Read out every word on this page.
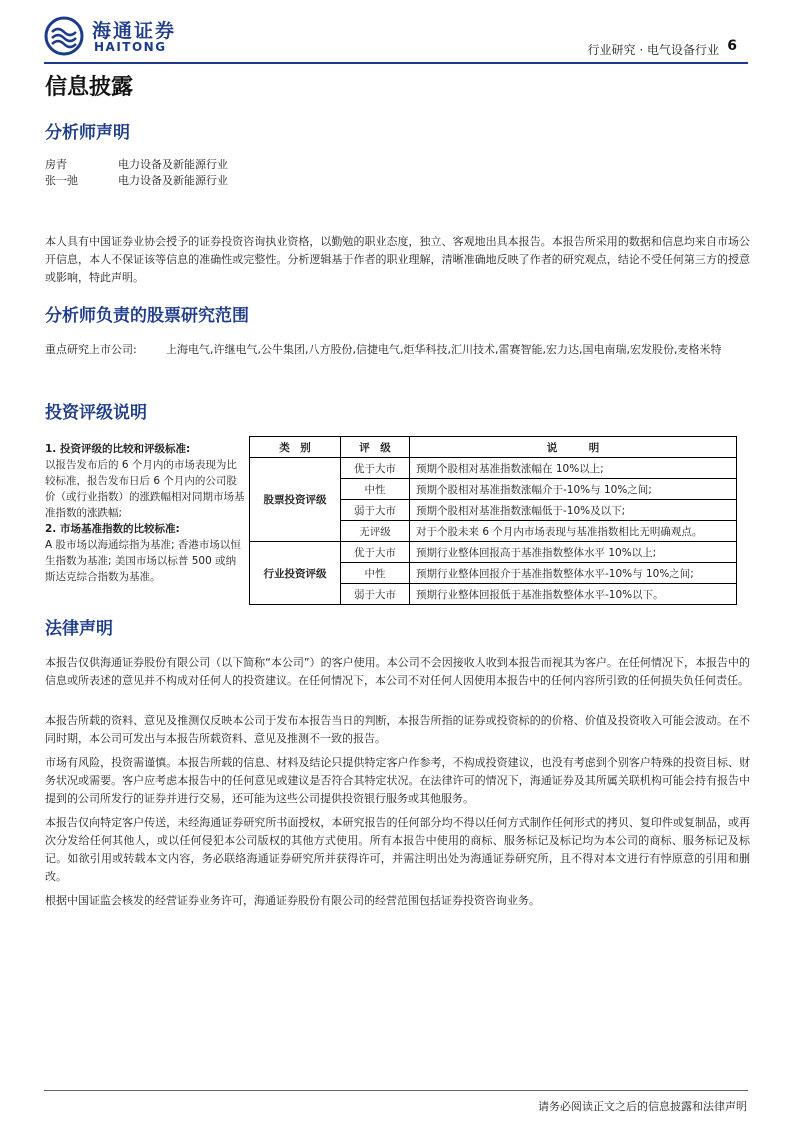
海通证券
HAITONG	行业研究 · 电气设备行业 6
信息披露
分析师声明
房青	电力设备及新能源行业
张一弛	电力设备及新能源行业
本人具有中国证券业协会授予的证券投资咨询执业资格，以勤勉的职业态度，独立、客观地出具本报告。本报告所采用的数据和信息均来自市场公开信息，本人不保证该等信息的准确性或完整性。分析逻辑基于作者的职业理解，清晰准确地反映了作者的研究观点，结论不受任何第三方的授意或影响，特此声明。
分析师负责的股票研究范围
重点研究上市公司:	上海电气,许继电气,公牛集团,八方股份,信捷电气,炬华科技,汇川技术,雷赛智能,宏力达,国电南瑞,宏发股份,麦格米特
投资评级说明
1. 投资评级的比较和评级标准:
以报告发布后的 6 个月内的市场表现为比较标准，报告发布日后 6 个月内的公司股价（或行业指数）的涨跌幅相对同期市场基准指数的涨跌幅;
2. 市场基准指数的比较标准:
A 股市场以海通综指为基准; 香港市场以恒生指数为基准; 美国市场以标普 500 或纳斯达克综合指数为基准。	类　别	评　级	说　　　明
	股票投资评级	优于大市	预期个股相对基准指数涨幅在 10%以上;
		中性	预期个股相对基准指数涨幅介于-10%与 10%之间;
		弱于大市	预期个股相对基准指数涨幅低于-10%及以下;
		无评级	对于个股未来 6 个月内市场表现与基准指数相比无明确观点。
	行业投资评级	优于大市	预期行业整体回报高于基准指数整体水平 10%以上;
		中性	预期行业整体回报介于基准指数整体水平-10%与 10%之间;
		弱于大市	预期行业整体回报低于基准指数整体水平-10%以下。
法律声明
本报告仅供海通证券股份有限公司（以下简称“本公司”）的客户使用。本公司不会因接收人收到本报告而视其为客户。在任何情况下，本报告中的信息或所表述的意见并不构成对任何人的投资建议。在任何情况下，本公司不对任何人因使用本报告中的任何内容所引致的任何损失负任何责任。
本报告所载的资料、意见及推测仅反映本公司于发布本报告当日的判断，本报告所指的证券或投资标的的价格、价值及投资收入可能会波动。在不同时期，本公司可发出与本报告所载资料、意见及推测不一致的报告。
市场有风险，投资需谨慎。本报告所载的信息、材料及结论只提供特定客户作参考，不构成投资建议，也没有考虑到个别客户特殊的投资目标、财务状况或需要。客户应考虑本报告中的任何意见或建议是否符合其特定状况。在法律许可的情况下，海通证券及其所属关联机构可能会持有报告中提到的公司所发行的证券并进行交易，还可能为这些公司提供投资银行服务或其他服务。
本报告仅向特定客户传送，未经海通证券研究所书面授权，本研究报告的任何部分均不得以任何方式制作任何形式的拷贝、复印件或复制品，或再次分发给任何其他人，或以任何侵犯本公司版权的其他方式使用。所有本报告中使用的商标、服务标记及标记均为本公司的商标、服务标记及标记。如欲引用或转载本文内容，务必联络海通证券研究所并获得许可，并需注明出处为海通证券研究所，且不得对本文进行有悖原意的引用和删改。
根据中国证监会核发的经营证券业务许可，海通证券股份有限公司的经营范围包括证券投资咨询业务。
请务必阅读正文之后的信息披露和法律声明
